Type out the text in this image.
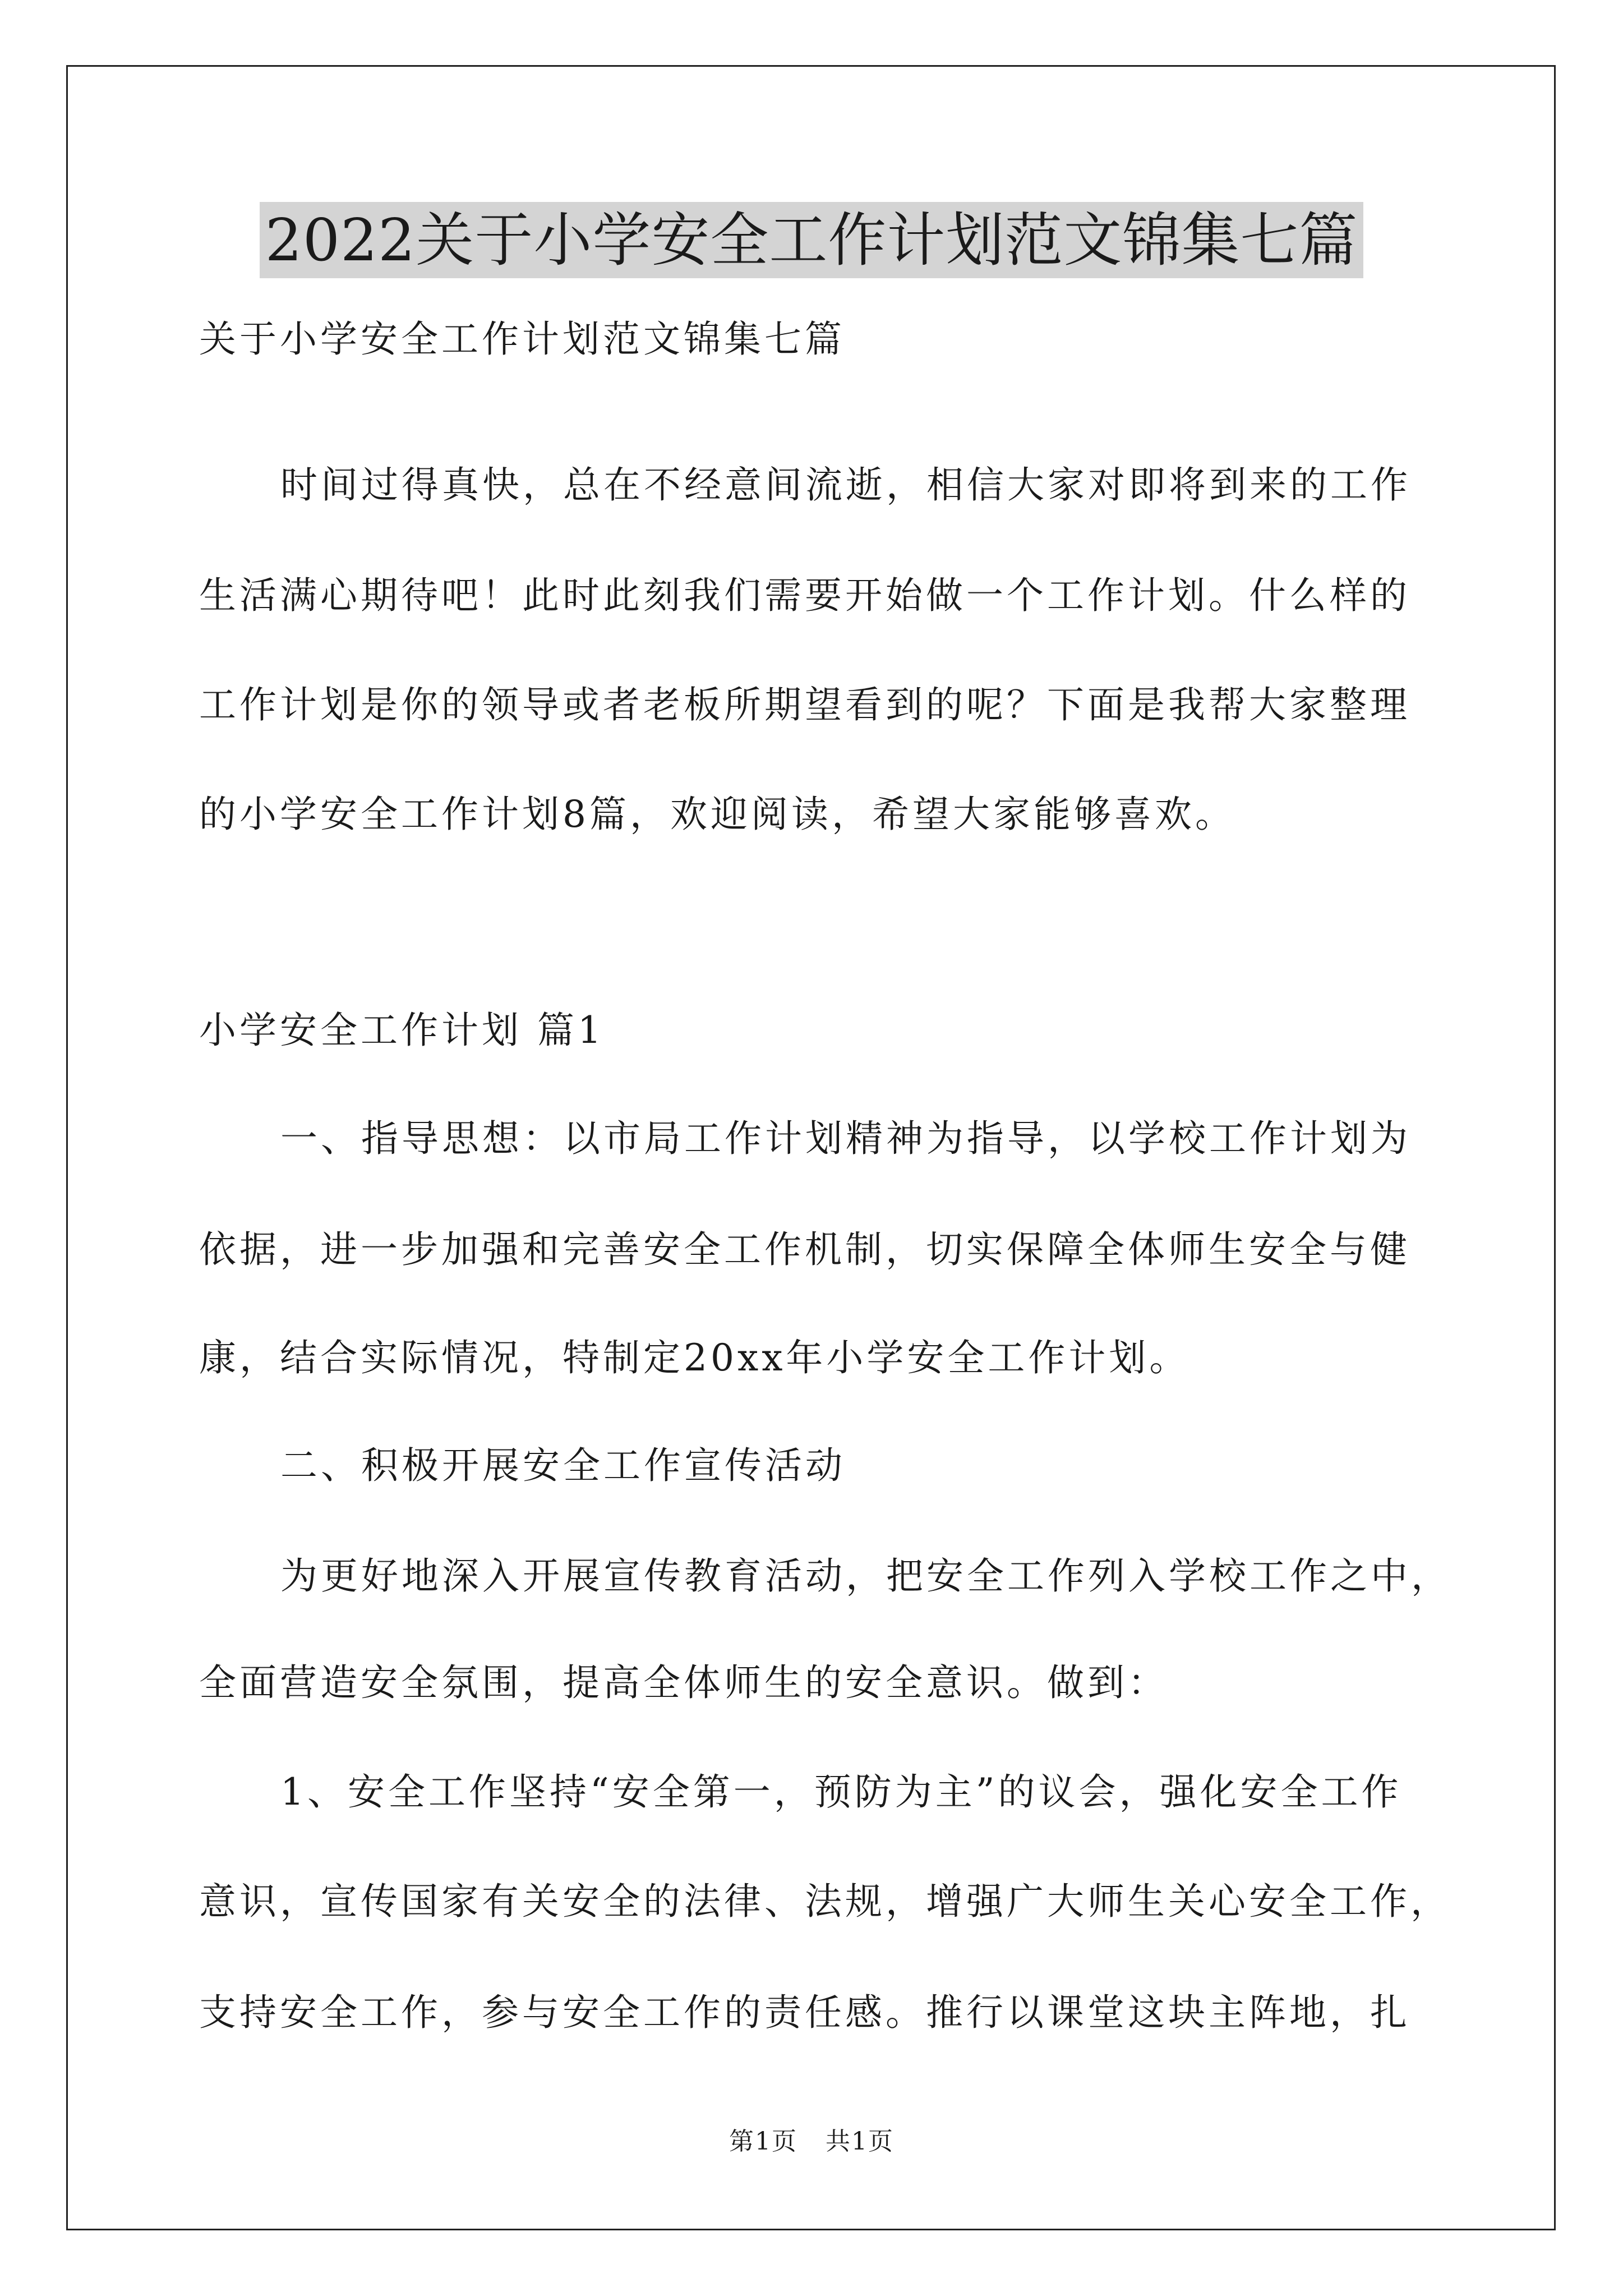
2022关于小学安全工作计划范文锦集七篇
关于小学安全工作计划范文锦集七篇
时间过得真快，总在不经意间流逝，相信大家对即将到来的工作
生活满心期待吧！此时此刻我们需要开始做一个工作计划。什么样的
工作计划是你的领导或者老板所期望看到的呢？下面是我帮大家整理
的小学安全工作计划8篇，欢迎阅读，希望大家能够喜欢。
小学安全工作计划 篇1
一、指导思想：以市局工作计划精神为指导，以学校工作计划为
依据，进一步加强和完善安全工作机制，切实保障全体师生安全与健
康，结合实际情况，特制定20xx年小学安全工作计划。
二、积极开展安全工作宣传活动
为更好地深入开展宣传教育活动，把安全工作列入学校工作之中，
全面营造安全氛围，提高全体师生的安全意识。做到：
1、安全工作坚持“安全第一，预防为主”的议会，强化安全工作
意识，宣传国家有关安全的法律、法规，增强广大师生关心安全工作，
支持安全工作，参与安全工作的责任感。推行以课堂这块主阵地，扎
第1页 共1页
